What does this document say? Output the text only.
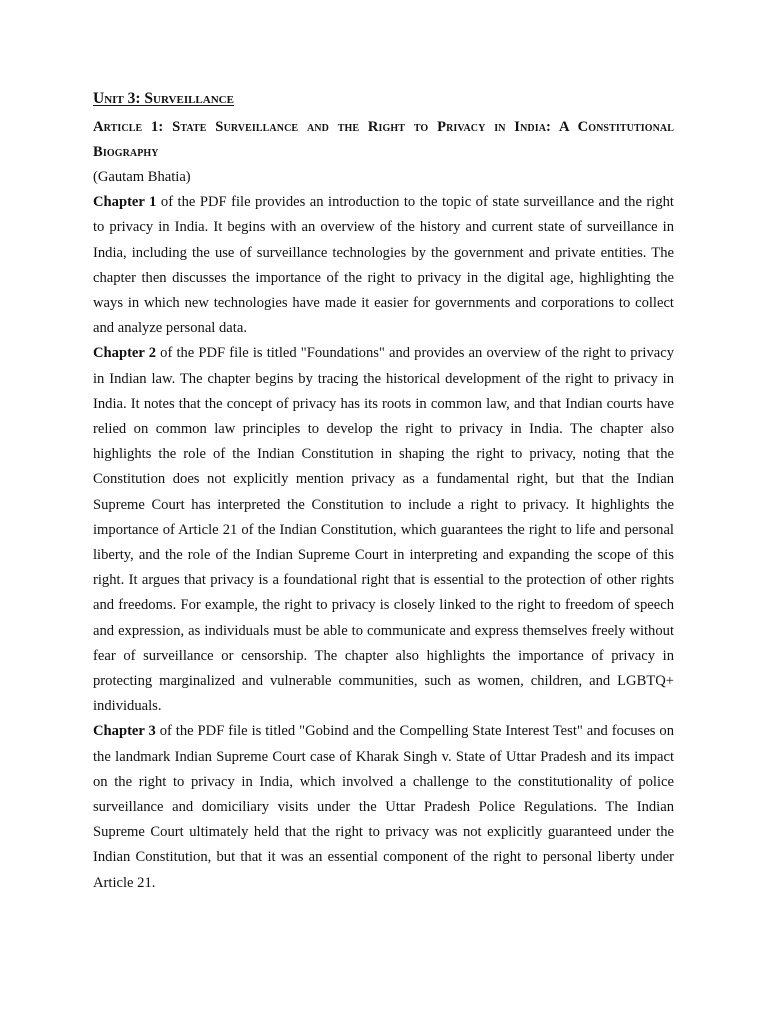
Unit 3: Surveillance
Article 1: State Surveillance and the Right to Privacy in India: A Constitutional Biography
(Gautam Bhatia)

Chapter 1 of the PDF file provides an introduction to the topic of state surveillance and the right to privacy in India. It begins with an overview of the history and current state of surveillance in India, including the use of surveillance technologies by the government and private entities. The chapter then discusses the importance of the right to privacy in the digital age, highlighting the ways in which new technologies have made it easier for governments and corporations to collect and analyze personal data.

Chapter 2 of the PDF file is titled "Foundations" and provides an overview of the right to privacy in Indian law. The chapter begins by tracing the historical development of the right to privacy in India. It notes that the concept of privacy has its roots in common law, and that Indian courts have relied on common law principles to develop the right to privacy in India. The chapter also highlights the role of the Indian Constitution in shaping the right to privacy, noting that the Constitution does not explicitly mention privacy as a fundamental right, but that the Indian Supreme Court has interpreted the Constitution to include a right to privacy. It highlights the importance of Article 21 of the Indian Constitution, which guarantees the right to life and personal liberty, and the role of the Indian Supreme Court in interpreting and expanding the scope of this right. It argues that privacy is a foundational right that is essential to the protection of other rights and freedoms. For example, the right to privacy is closely linked to the right to freedom of speech and expression, as individuals must be able to communicate and express themselves freely without fear of surveillance or censorship. The chapter also highlights the importance of privacy in protecting marginalized and vulnerable communities, such as women, children, and LGBTQ+ individuals.

Chapter 3 of the PDF file is titled "Gobind and the Compelling State Interest Test" and focuses on the landmark Indian Supreme Court case of Kharak Singh v. State of Uttar Pradesh and its impact on the right to privacy in India, which involved a challenge to the constitutionality of police surveillance and domiciliary visits under the Uttar Pradesh Police Regulations. The Indian Supreme Court ultimately held that the right to privacy was not explicitly guaranteed under the Indian Constitution, but that it was an essential component of the right to personal liberty under Article 21.
